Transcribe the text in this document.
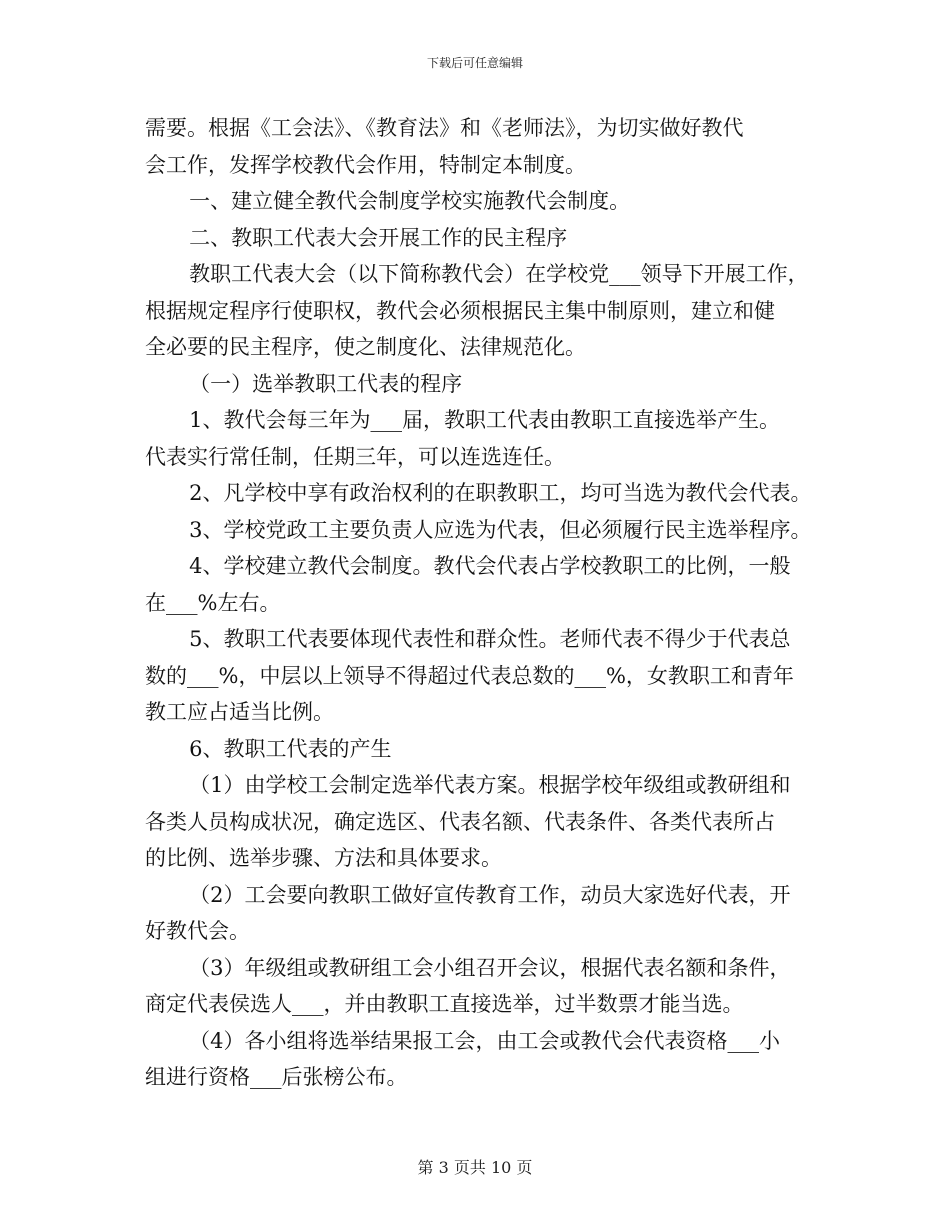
下载后可任意编辑
需要。根据《工会法》、《教育法》和《老师法》，为切实做好教代
会工作，发挥学校教代会作用，特制定本制度。
一、建立健全教代会制度学校实施教代会制度。
二、教职工代表大会开展工作的民主程序
教职工代表大会（以下简称教代会）在学校党___领导下开展工作，
根据规定程序行使职权，教代会必须根据民主集中制原则，建立和健
全必要的民主程序，使之制度化、法律规范化。
（一）选举教职工代表的程序
1、教代会每三年为___届，教职工代表由教职工直接选举产生。
代表实行常任制，任期三年，可以连选连任。
2、凡学校中享有政治权利的在职教职工，均可当选为教代会代表。
3、学校党政工主要负责人应选为代表，但必须履行民主选举程序。
4、学校建立教代会制度。教代会代表占学校教职工的比例，一般
在___%左右。
5、教职工代表要体现代表性和群众性。老师代表不得少于代表总
数的___%，中层以上领导不得超过代表总数的___%，女教职工和青年
教工应占适当比例。
6、教职工代表的产生
（1）由学校工会制定选举代表方案。根据学校年级组或教研组和
各类人员构成状况，确定选区、代表名额、代表条件、各类代表所占
的比例、选举步骤、方法和具体要求。
（2）工会要向教职工做好宣传教育工作，动员大家选好代表，开
好教代会。
（3）年级组或教研组工会小组召开会议，根据代表名额和条件，
商定代表侯选人___，并由教职工直接选举，过半数票才能当选。
（4）各小组将选举结果报工会，由工会或教代会代表资格___小
组进行资格___后张榜公布。
第 3 页共 10 页
